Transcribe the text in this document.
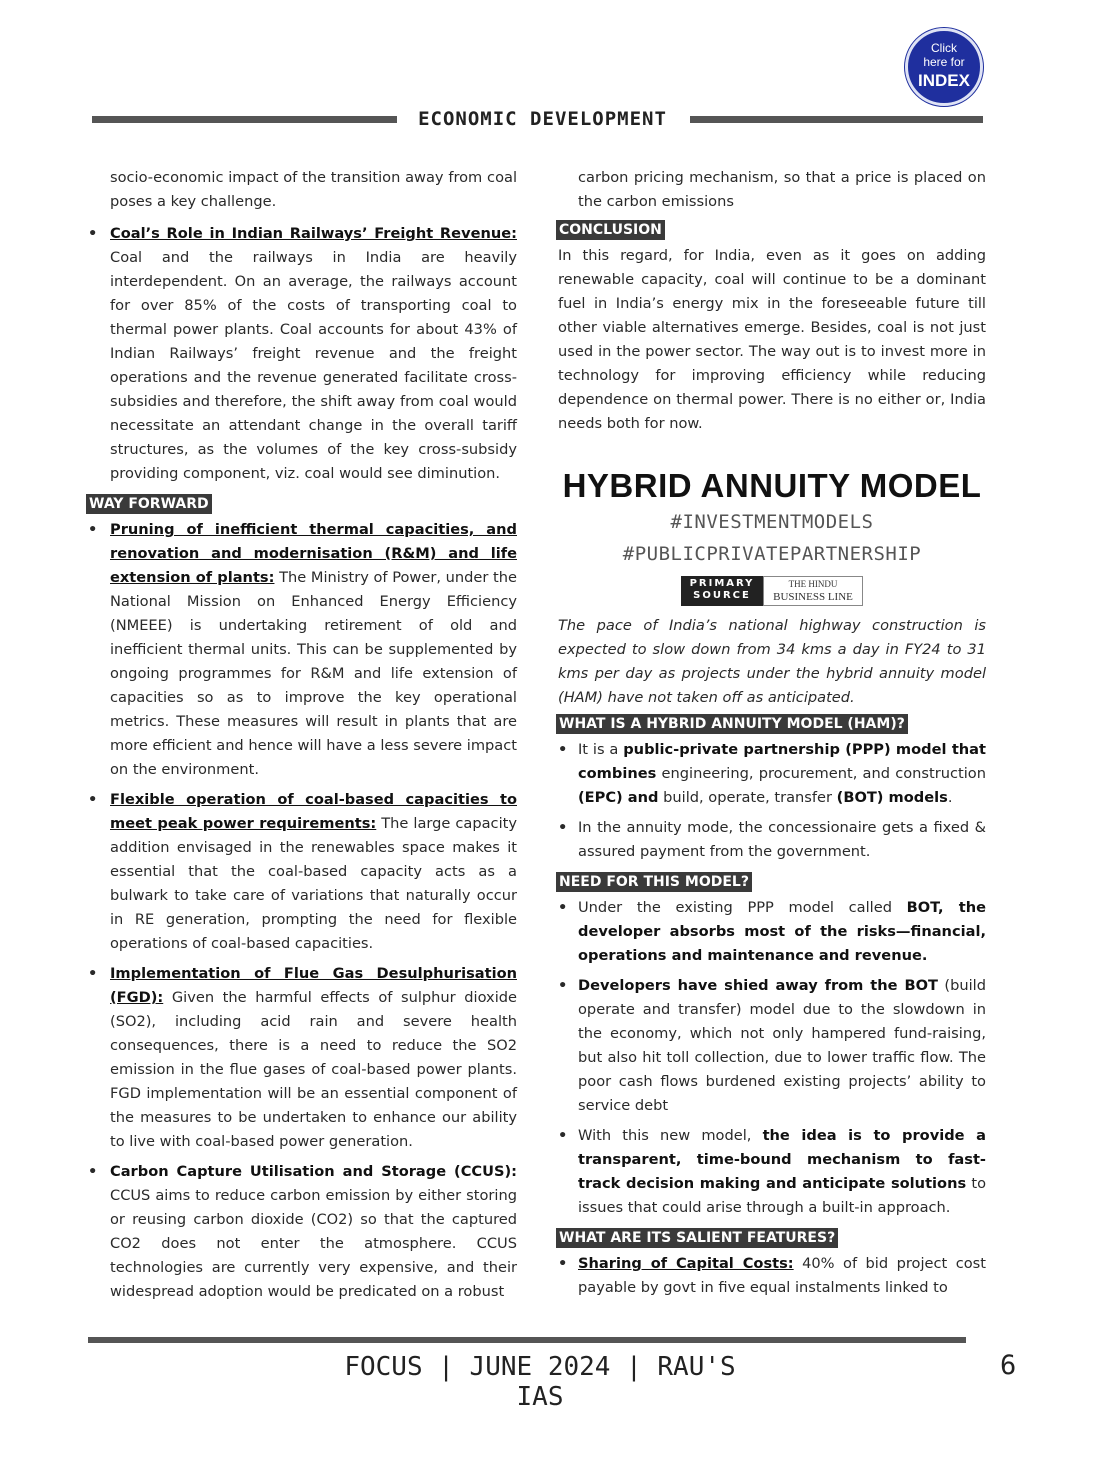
Click
here for
INDEX
ECONOMIC DEVELOPMENT

socio-economic impact of the transition away from coal poses a key challenge.

• Coal’s Role in Indian Railways’ Freight Revenue: Coal and the railways in India are heavily interdependent. On an average, the railways account for over 85% of the costs of transporting coal to thermal power plants. Coal accounts for about 43% of Indian Railways’ freight revenue and the freight operations and the revenue generated facilitate cross-subsidies and therefore, the shift away from coal would necessitate an attendant change in the overall tariff structures, as the volumes of the key cross-subsidy providing component, viz. coal would see diminution.
WAY FORWARD
• Pruning of inefficient thermal capacities, and renovation and modernisation (R&M) and life extension of plants: The Ministry of Power, under the National Mission on Enhanced Energy Efficiency (NMEEE) is undertaking retirement of old and inefficient thermal units. This can be supplemented by ongoing programmes for R&M and life extension of capacities so as to improve the key operational metrics. These measures will result in plants that are more efficient and hence will have a less severe impact on the environment.
• Flexible operation of coal-based capacities to meet peak power requirements: The large capacity addition envisaged in the renewables space makes it essential that the coal-based capacity acts as a bulwark to take care of variations that naturally occur in RE generation, prompting the need for flexible operations of coal-based capacities.
• Implementation of Flue Gas Desulphurisation (FGD): Given the harmful effects of sulphur dioxide (SO2), including acid rain and severe health consequences, there is a need to reduce the SO2 emission in the flue gases of coal-based power plants. FGD implementation will be an essential component of the measures to be undertaken to enhance our ability to live with coal-based power generation.
• Carbon Capture Utilisation and Storage (CCUS): CCUS aims to reduce carbon emission by either storing or reusing carbon dioxide (CO2) so that the captured CO2 does not enter the atmosphere. CCUS technologies are currently very expensive, and their widespread adoption would be predicated on a robust

carbon pricing mechanism, so that a price is placed on the carbon emissions

CONCLUSION

In this regard, for India, even as it goes on adding renewable capacity, coal will continue to be a dominant fuel in India’s energy mix in the foreseeable future till other viable alternatives emerge. Besides, coal is not just used in the power sector. The way out is to invest more in technology for improving efficiency while reducing dependence on thermal power. There is no either or, India needs both for now.

HYBRID ANNUITY MODEL
#INVESTMENTMODELS
#PUBLICPRIVATEPARTNERSHIP
PRIMARY
SOURCE
THE HINDU
BUSINESS LINE

The pace of India’s national highway construction is expected to slow down from 34 kms a day in FY24 to 31 kms per day as projects under the hybrid annuity model (HAM) have not taken off as anticipated.

WHAT IS A HYBRID ANNUITY MODEL (HAM)?
• It is a public-private partnership (PPP) model that combines engineering, procurement, and construction (EPC) and build, operate, transfer (BOT) models.
• In the annuity mode, the concessionaire gets a fixed & assured payment from the government.
NEED FOR THIS MODEL?
• Under the existing PPP model called BOT, the developer absorbs most of the risks—financial, operations and maintenance and revenue.
• Developers have shied away from the BOT (build operate and transfer) model due to the slowdown in the economy, which not only hampered fund-raising, but also hit toll collection, due to lower traffic flow. The poor cash flows burdened existing projects’ ability to service debt
• With this new model, the idea is to provide a transparent, time-bound mechanism to fast-track decision making and anticipate solutions to issues that could arise through a built-in approach.
WHAT ARE ITS SALIENT FEATURES?
• Sharing of Capital Costs: 40% of bid project cost payable by govt in five equal instalments linked to
FOCUS | JUNE 2024 | RAU'S IAS
6
